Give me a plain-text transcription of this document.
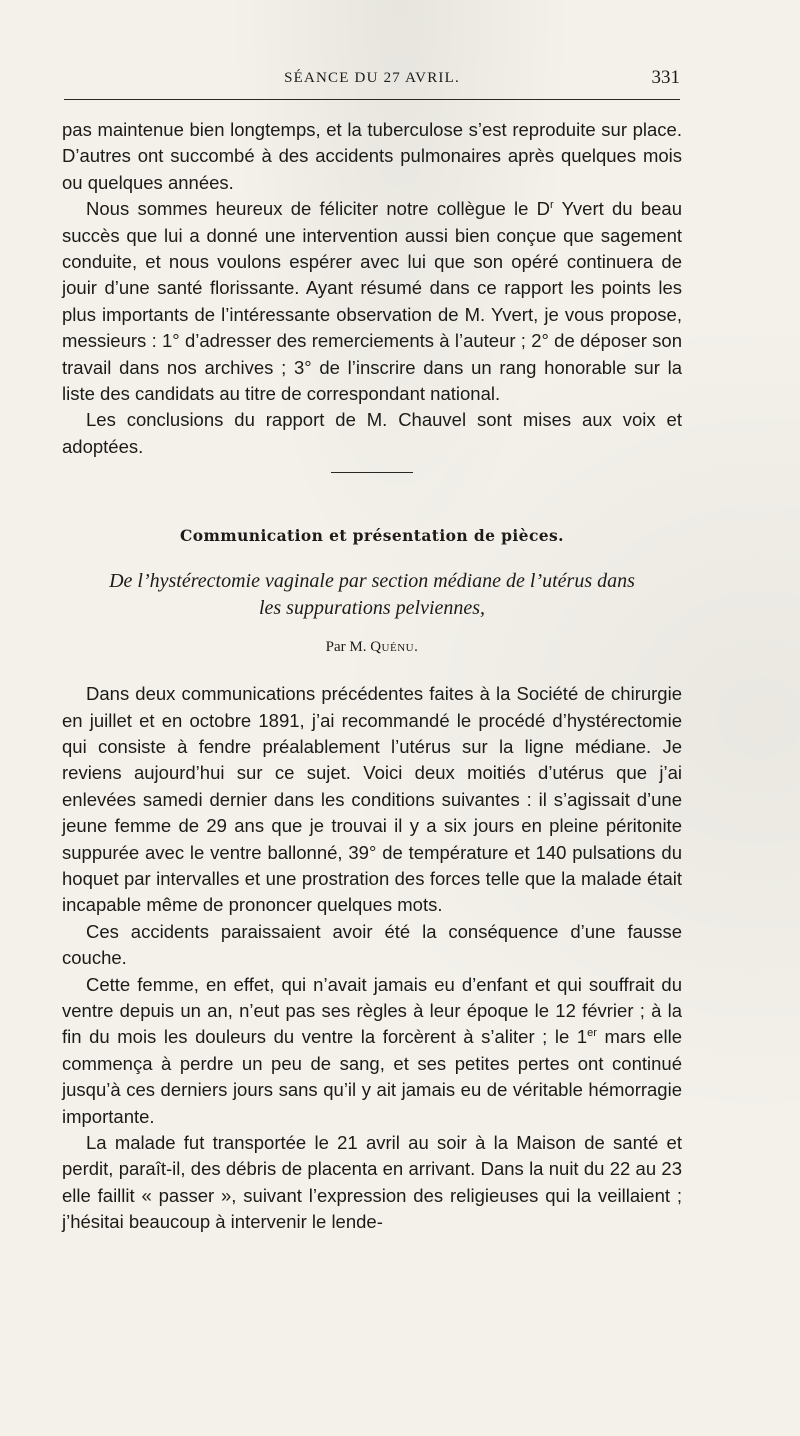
SÉANCE DU 27 AVRIL.	331

pas maintenue bien longtemps, et la tuberculose s’est reproduite sur place. D’autres ont succombé à des accidents pulmonaires après quelques mois ou quelques années.

Nous sommes heureux de féliciter notre collègue le $D^r$ Yvert du beau succès que lui a donné une intervention aussi bien conçue que sagement conduite, et nous voulons espérer avec lui que son opéré continuera de jouir d’une santé florissante. Ayant résumé dans ce rapport les points les plus importants de l’intéressante observation de M. Yvert, je vous propose, messieurs : 1° d’adresser des remerciements à l’auteur ; 2° de déposer son travail dans nos archives ; 3° de l’inscrire dans un rang honorable sur la liste des candidats au titre de correspondant national.

Les conclusions du rapport de M. Chauvel sont mises aux voix et adoptées.

Communication et présentation de pièces.

De l’hystérectomie vaginale par section médiane de l’utérus dans

les suppurations pelviennes,

Par M. Quénu.

Dans deux communications précédentes faites à la Société de chirurgie en juillet et en octobre 1891, j’ai recommandé le procédé d’hystérectomie qui consiste à fendre préalablement l’utérus sur la ligne médiane. Je reviens aujourd’hui sur ce sujet. Voici deux moitiés d’utérus que j’ai enlevées samedi dernier dans les conditions suivantes : il s’agissait d’une jeune femme de 29 ans que je trouvai il y a six jours en pleine péritonite suppurée avec le ventre ballonné, 39° de température et 140 pulsations du hoquet par intervalles et une prostration des forces telle que la malade était incapable même de prononcer quelques mots.

Ces accidents paraissaient avoir été la conséquence d’une fausse couche.

Cette femme, en effet, qui n’avait jamais eu d’enfant et qui souffrait du ventre depuis un an, n’eut pas ses règles à leur époque le 12 février ; à la fin du mois les douleurs du ventre la forcèrent à s’aliter ; le 1er mars elle commença à perdre un peu de sang, et ses petites pertes ont continué jusqu’à ces derniers jours sans qu’il y ait jamais eu de véritable hémorragie importante.

La malade fut transportée le 21 avril au soir à la Maison de santé et perdit, paraît-il, des débris de placenta en arrivant. Dans la nuit du 22 au 23 elle faillit « passer », suivant l’expression des religieuses qui la veillaient ; j’hésitai beaucoup à intervenir le lende-
